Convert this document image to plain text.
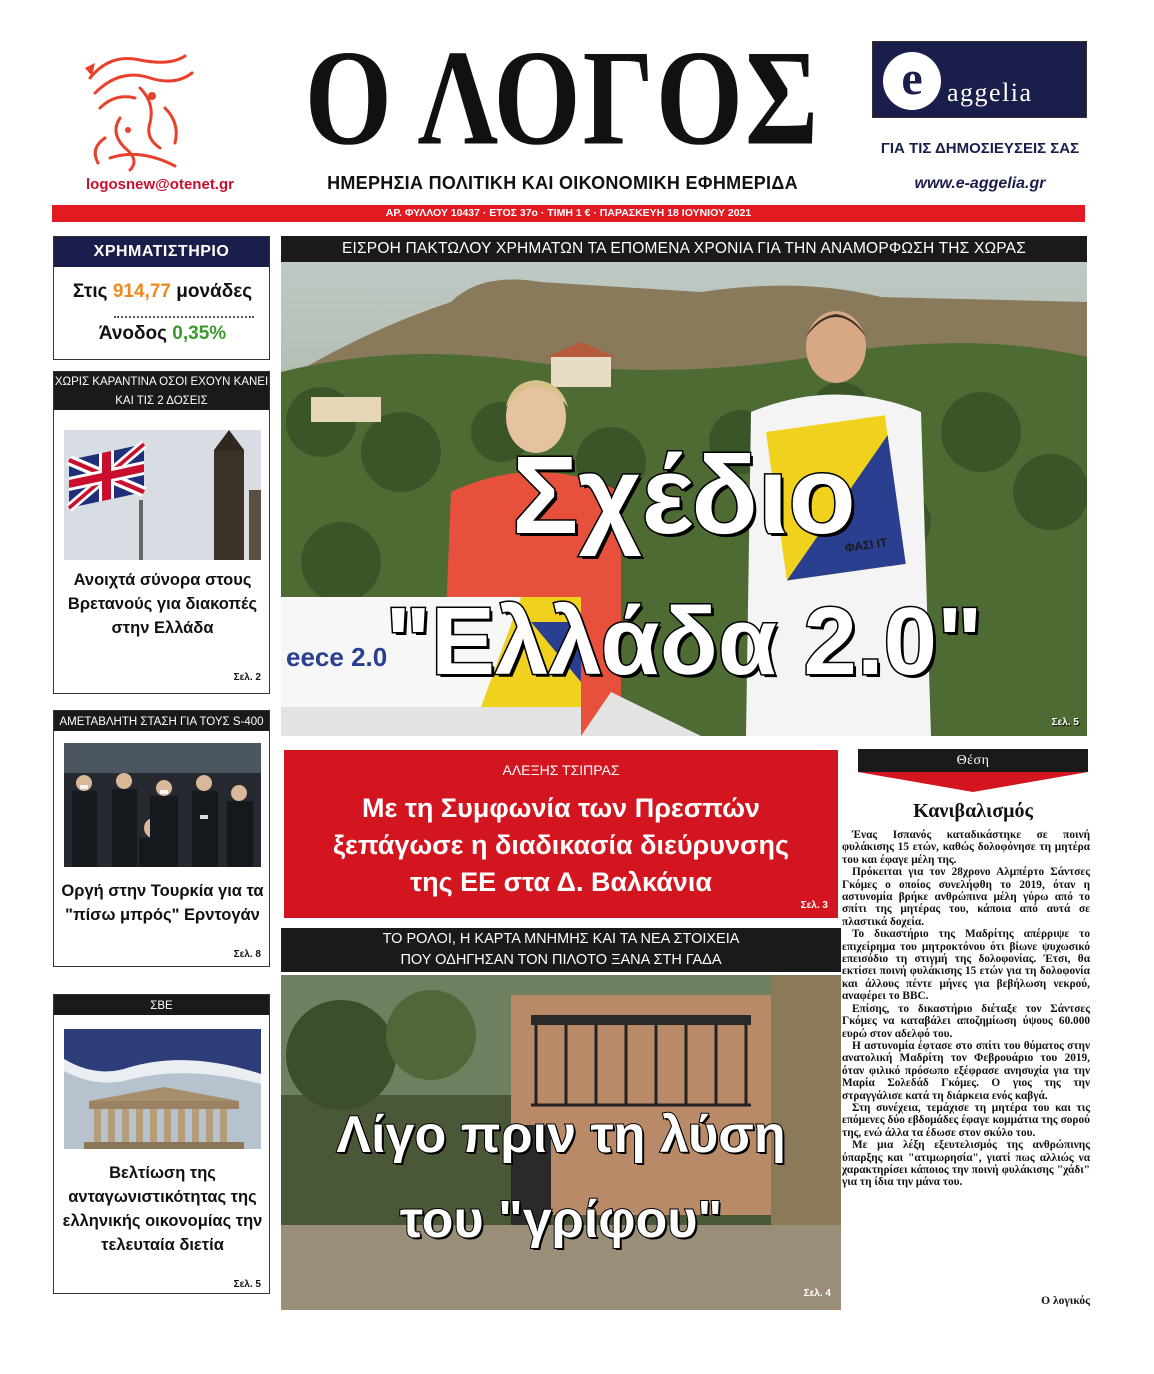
logosnew@otenet.gr
Ο ΛΟΓΟΣ
ΗΜΕΡΗΣΙΑ ΠΟΛΙΤΙΚΗ ΚΑΙ ΟΙΚΟΝΟΜΙΚΗ ΕΦΗΜΕΡΙΔΑ
e aggelia
ΓΙΑ ΤΙΣ ΔΗΜΟΣΙΕΥΣΕΙΣ ΣΑΣ
www.e-aggelia.gr
ΑΡ. ΦΥΛΛΟΥ 10437 · ΕΤΟΣ 37ο · ΤΙΜΗ 1 € · ΠΑΡΑΣΚΕΥΗ 18 ΙΟΥΝΙΟΥ 2021
ΧΡΗΜΑΤΙΣΤΗΡΙΟ
Στις 914,77 μονάδες
Άνοδος 0,35%
ΧΩΡΙΣ ΚΑΡΑΝΤΙΝΑ ΟΣΟΙ ΕΧΟΥΝ ΚΑΝΕΙ ΚΑΙ ΤΙΣ 2 ΔΟΣΕΙΣ
Ανοιχτά σύνορα στους Βρετανούς για διακοπές στην Ελλάδα
Σελ. 2
ΑΜΕΤΑΒΛΗΤΗ ΣΤΑΣΗ ΓΙΑ ΤΟΥΣ S-400
Οργή στην Τουρκία για τα "πίσω μπρός" Ερντογάν
Σελ. 8
ΣΒΕ
Βελτίωση της ανταγωνιστικότητας της ελληνικής οικονομίας την τελευταία διετία
Σελ. 5
ΕΙΣΡΟΗ ΠΑΚΤΩΛΟΥ ΧΡΗΜΑΤΩΝ ΤΑ ΕΠΟΜΕΝΑ ΧΡΟΝΙΑ ΓΙΑ ΤΗΝ ΑΝΑΜΟΡΦΩΣΗ ΤΗΣ ΧΩΡΑΣ
ΦΑΣΙ ΙΤ
eece 2.0
Σχέδιο
"Ελλάδα 2.0"
Σελ. 5
ΑΛΕΞΗΣ ΤΣΙΠΡΑΣ
Με τη Συμφωνία των Πρεσπών
ξεπάγωσε η διαδικασία διεύρυνσης
της ΕΕ στα Δ. Βαλκάνια
Σελ. 3
ΤΟ ΡΟΛΟΙ, Η ΚΑΡΤΑ ΜΝΗΜΗΣ ΚΑΙ ΤΑ ΝΕΑ ΣΤΟΙΧΕΙΑ
ΠΟΥ ΟΔΗΓΗΣΑΝ ΤΟΝ ΠΙΛΟΤΟ ΞΑΝΑ ΣΤΗ ΓΑΔΑ
Λίγο πριν τη λύση
του "γρίφου"
Σελ. 4
Θέση
Κανιβαλισμός

Ένας Ισπανός καταδικάστηκε σε ποινή φυλάκισης 15 ετών, καθώς δολοφόνησε τη μητέρα του και έφαγε μέλη της.

Πρόκειται για τον 28χρονο Αλμπέρτο Σάντσες Γκόμες ο οποίος συνελήφθη το 2019, όταν η αστυνομία βρήκε ανθρώπινα μέλη γύρω από το σπίτι της μητέρας του, κάποια από αυτά σε πλαστικά δοχεία.

Το δικαστήριο της Μαδρίτης απέρριψε το επιχείρημα του μητροκτόνου ότι βίωνε ψυχωσικό επεισόδιο τη στιγμή της δολοφονίας. Έτσι, θα εκτίσει ποινή φυλάκισης 15 ετών για τη δολοφονία και άλλους πέντε μήνες για βεβήλωση νεκρού, αναφέρει το BBC.

Επίσης, το δικαστήριο διέταξε τον Σάντσες Γκόμες να καταβάλει αποζημίωση ύψους 60.000 ευρώ στον αδελφό του.

Η αστυνομία έφτασε στο σπίτι του θύματος στην ανατολική Μαδρίτη τον Φεβρουάριο του 2019, όταν φιλικό πρόσωπο εξέφρασε ανησυχία για την Μαρία Σολεδάδ Γκόμες. Ο γιος της την στραγγάλισε κατά τη διάρκεια ενός καβγά.

Στη συνέχεια, τεμάχισε τη μητέρα του και τις επόμενες δύο εβδομάδες έφαγε κομμάτια της σορού της, ενώ άλλα τα έδωσε στον σκύλο του.

Με μια λέξη εξευτελισμός της ανθρώπινης ύπαρξης και "ατιμωρησία", γιατί πως αλλιώς να χαρακτηρίσει κάποιος την ποινή φυλάκισης "χάδι" για τη ίδια την μάνα του.

Ο λογικός
